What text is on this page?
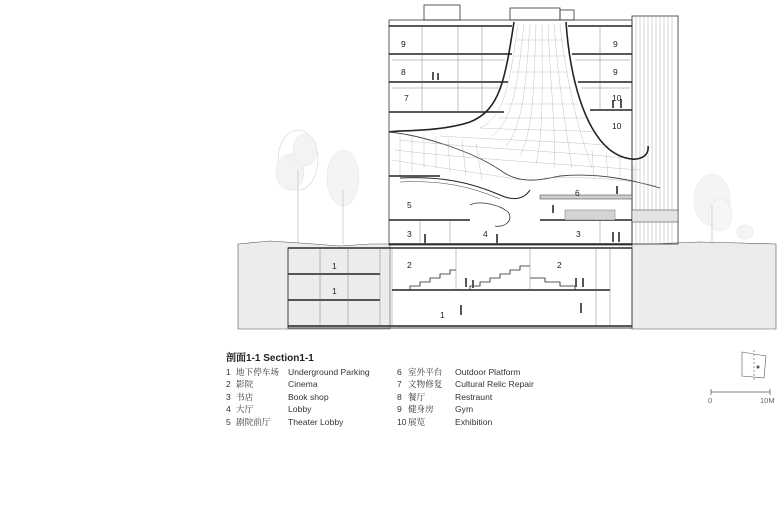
9
8
7
9
9
10
10
6
5
3	4	3
2	2
1
1
1
剖面1-1 Section1-1
1 地下停车场 Underground Parking
2 影院	Cinema
3 书店	Book shop
4 大厅	Lobby
5 剧院前厅 Theater Lobby
6 室外平台 Outdoor Platform
7 文物修复 Cultural Relic Repair
8 餐厅	Restraunt
9 健身房 Gym
10 展览	Exhibition
0	10M
